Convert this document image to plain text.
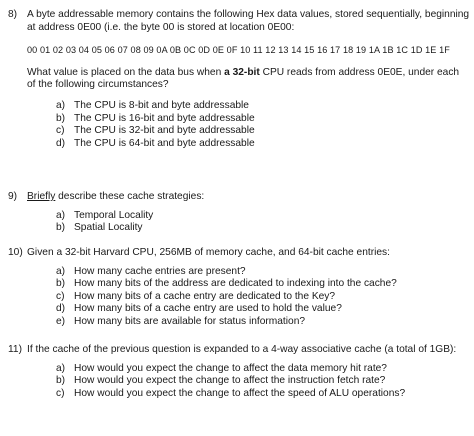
8) A byte addressable memory contains the following Hex data values, stored sequentially, beginning at address 0E00 (i.e. the byte 00 is stored at location 0E00:
00 01 02 03 04 05 06 07 08 09 0A 0B 0C 0D 0E 0F 10 11 12 13 14 15 16 17 18 19 1A 1B 1C 1D 1E 1F
What value is placed on the data bus when a 32-bit CPU reads from address 0E0E, under each of the following circumstances?
a) The CPU is 8-bit and byte addressable
b) The CPU is 16-bit and byte addressable
c) The CPU is 32-bit and byte addressable
d) The CPU is 64-bit and byte addressable
9) Briefly describe these cache strategies:
a) Temporal Locality
b) Spatial Locality
10) Given a 32-bit Harvard CPU, 256MB of memory cache, and 64-bit cache entries:
a) How many cache entries are present?
b) How many bits of the address are dedicated to indexing into the cache?
c) How many bits of a cache entry are dedicated to the Key?
d) How many bits of a cache entry are used to hold the value?
e) How many bits are available for status information?
11) If the cache of the previous question is expanded to a 4-way associative cache (a total of 1GB):
a) How would you expect the change to affect the data memory hit rate?
b) How would you expect the change to affect the instruction fetch rate?
c) How would you expect the change to affect the speed of ALU operations?
